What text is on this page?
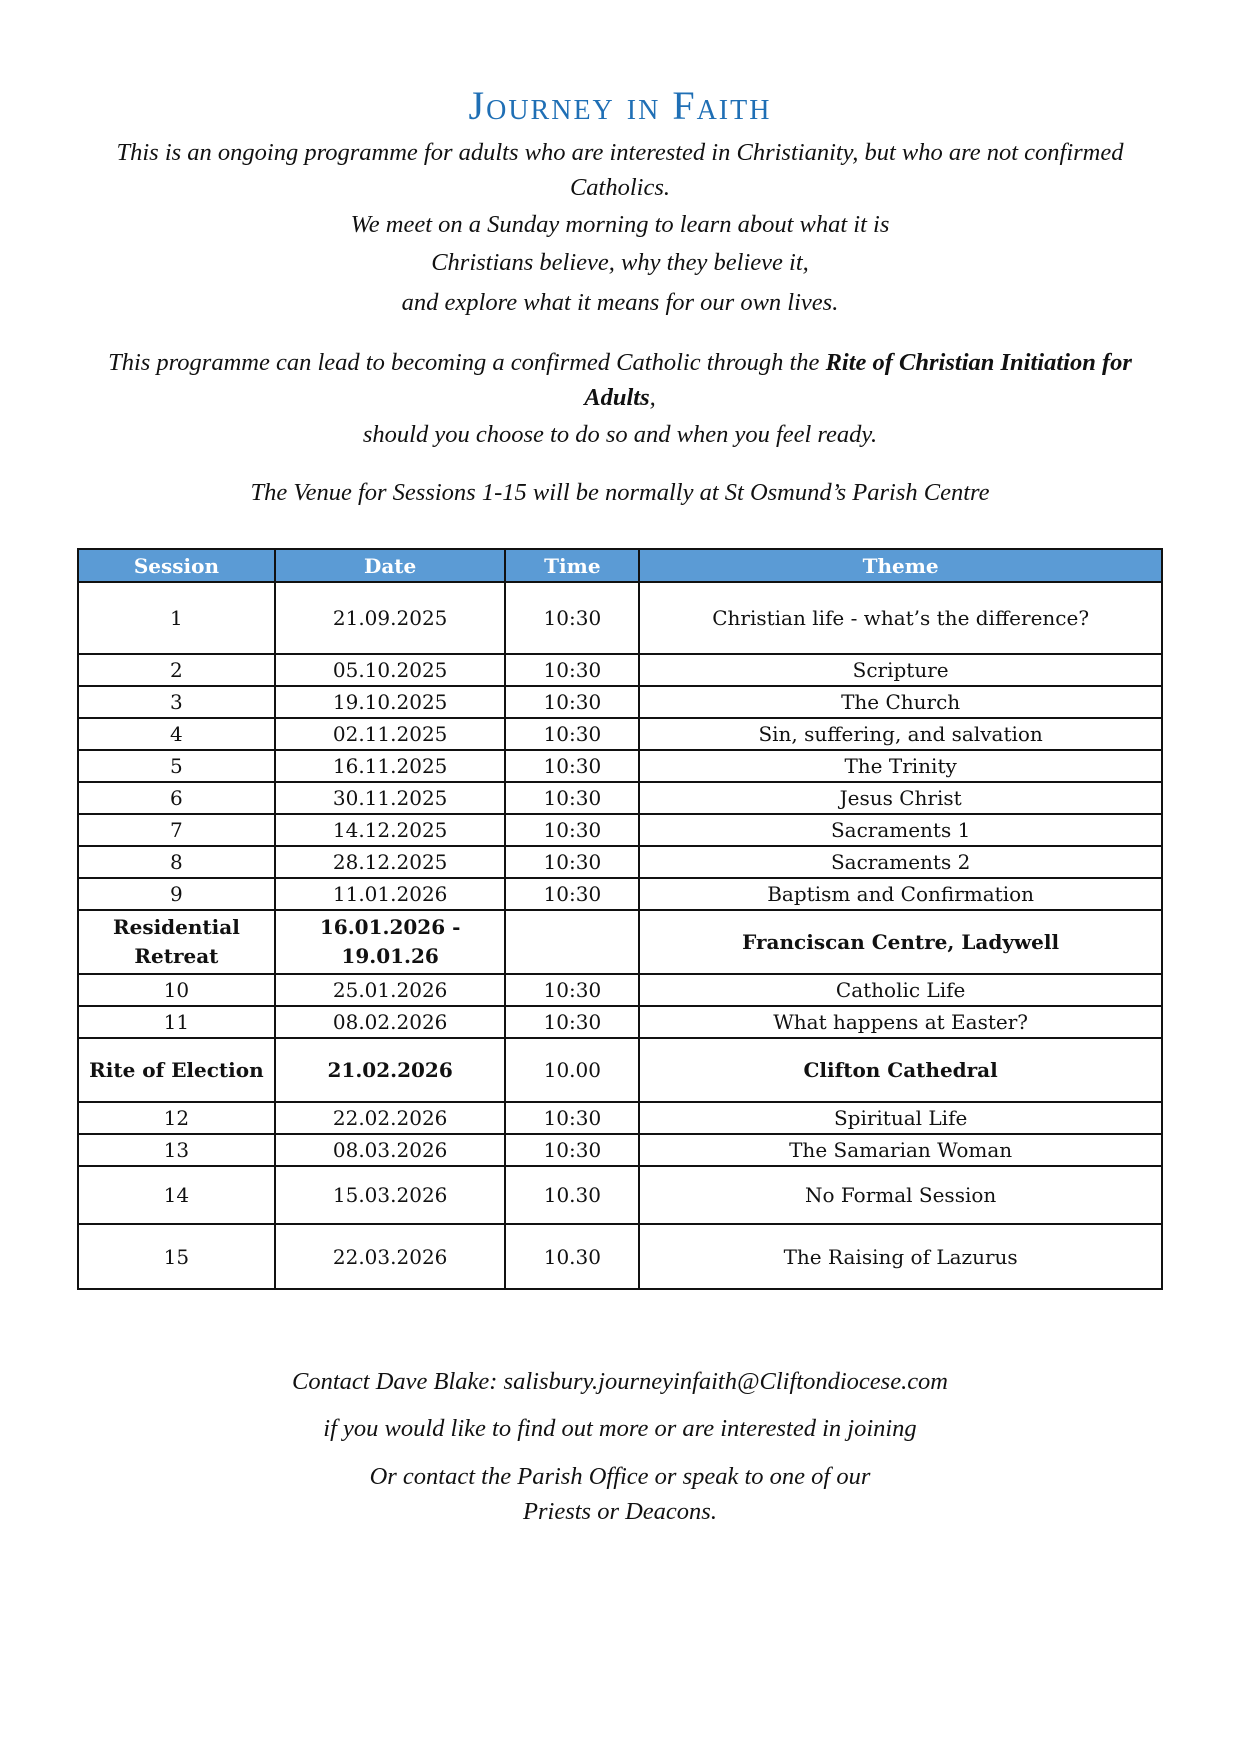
Journey in Faith
This is an ongoing programme for adults who are interested in Christianity, but who are not confirmed Catholics.
We meet on a Sunday morning to learn about what it is
Christians believe, why they believe it,
and explore what it means for our own lives.
This programme can lead to becoming a confirmed Catholic through the Rite of Christian Initiation for Adults,
should you choose to do so and when you feel ready.
The Venue for Sessions 1-15 will be normally at St Osmund’s Parish Centre
Session	Date	Time	Theme
1	21.09.2025	10:30	Christian life - what’s the difference?
2	05.10.2025	10:30	Scripture
3	19.10.2025	10:30	The Church
4	02.11.2025	10:30	Sin, suffering, and salvation
5	16.11.2025	10:30	The Trinity
6	30.11.2025	10:30	Jesus Christ
7	14.12.2025	10:30	Sacraments 1
8	28.12.2025	10:30	Sacraments 2
9	11.01.2026	10:30	Baptism and Confirmation
Residential Retreat	16.01.2026 - 19.01.26		Franciscan Centre, Ladywell
10	25.01.2026	10:30	Catholic Life
11	08.02.2026	10:30	What happens at Easter?
Rite of Election	21.02.2026	10.00	Clifton Cathedral
12	22.02.2026	10:30	Spiritual Life
13	08.03.2026	10:30	The Samarian Woman
14	15.03.2026	10.30	No Formal Session
15	22.03.2026	10.30	The Raising of Lazurus
Contact Dave Blake: salisbury.journeyinfaith@Cliftondiocese.com
if you would like to find out more or are interested in joining
Or contact the Parish Office or speak to one of our Priests or Deacons.
